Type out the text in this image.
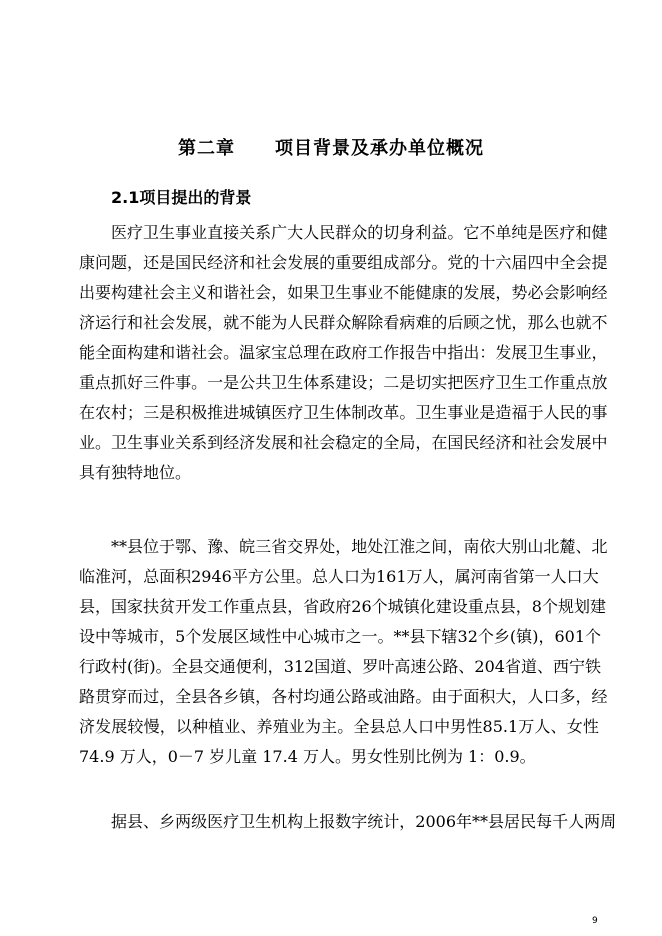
第二章 项目背景及承办单位概况
2.1项目提出的背景
医 疗 卫 生 事 业 直 接 关 系 广 大 人 民 群 众 的 切 身 利 益 。 它 不 单 纯 是 医 疗 和 健
康 问 题 ， 还 是 国 民 经 济 和 社 会 发 展 的 重 要 组 成 部 分 。 党 的 十 六 届 四 中 全 会 提
出 要 构 建 社 会 主 义 和 谐 社 会 ， 如 果 卫 生 事 业 不 能 健 康 的 发 展 ， 势 必 会 影 响 经
济 运 行 和 社 会 发 展 ， 就 不 能 为 人 民 群 众 解 除 看 病 难 的 后 顾 之 忧 ， 那 么 也 就 不
能 全 面 构 建 和 谐 社 会 。 温 家 宝 总 理 在 政 府 工 作 报 告 中 指 出 ： 发 展 卫 生 事 业 ，
重 点 抓 好 三 件 事 。 一 是 公 共 卫 生 体 系 建 设 ； 二 是 切 实 把 医 疗 卫 生 工 作 重 点 放
在 农 村 ； 三 是 积 极 推 进 城 镇 医 疗 卫 生 体 制 改 革 。 卫 生 事 业 是 造 福 于 人 民 的 事
业 。 卫 生 事 业 关 系 到 经 济 发 展 和 社 会 稳 定 的 全 局 ， 在 国 民 经 济 和 社 会 发 展 中
具有独特地位。
** 县 位 于 鄂 、 豫 、 皖 三 省 交 界 处 ， 地 处 江 淮 之 间 ， 南 依 大 别 山 北 麓 、 北
临 淮 河 ， 总 面 积 2946 平 方 公 里 。 总 人 口 为 161 万 人 ， 属 河 南 省 第 一 人 口 大
县 ， 国 家 扶 贫 开 发 工 作 重 点 县 ， 省 政 府 26 个 城 镇 化 建 设 重 点 县 ， 8 个 规 划 建
设 中 等 城 市 ， 5 个 发 展 区 域 性 中 心 城 市 之 一 。 ** 县 下 辖 32 个 乡 ( 镇 ) ， 601 个
行 政 村 ( 街 ) 。 全 县 交 通 便 利 ， 312 国 道 、 罗 叶 高 速 公 路 、 204 省 道 、 西 宁 铁
路 贯 穿 而 过 ， 全 县 各 乡 镇 ， 各 村 均 通 公 路 或 油 路 。 由 于 面 积 大 ， 人 口 多 ， 经
济 发 展 较 慢 ， 以 种 植 业 、 养 殖 业 为 主 。 全 县 总 人 口 中 男 性 85.1 万 人 、 女 性
74.9 万人，0－7 岁儿童 17.4 万人。男女性别比例为 1：0.9。
据 县 、 乡 两 级 医 疗 卫 生 机 构 上 报 数 字 统 计 ， 2006 年 ** 县 居 民 每 千 人 两 周
9
